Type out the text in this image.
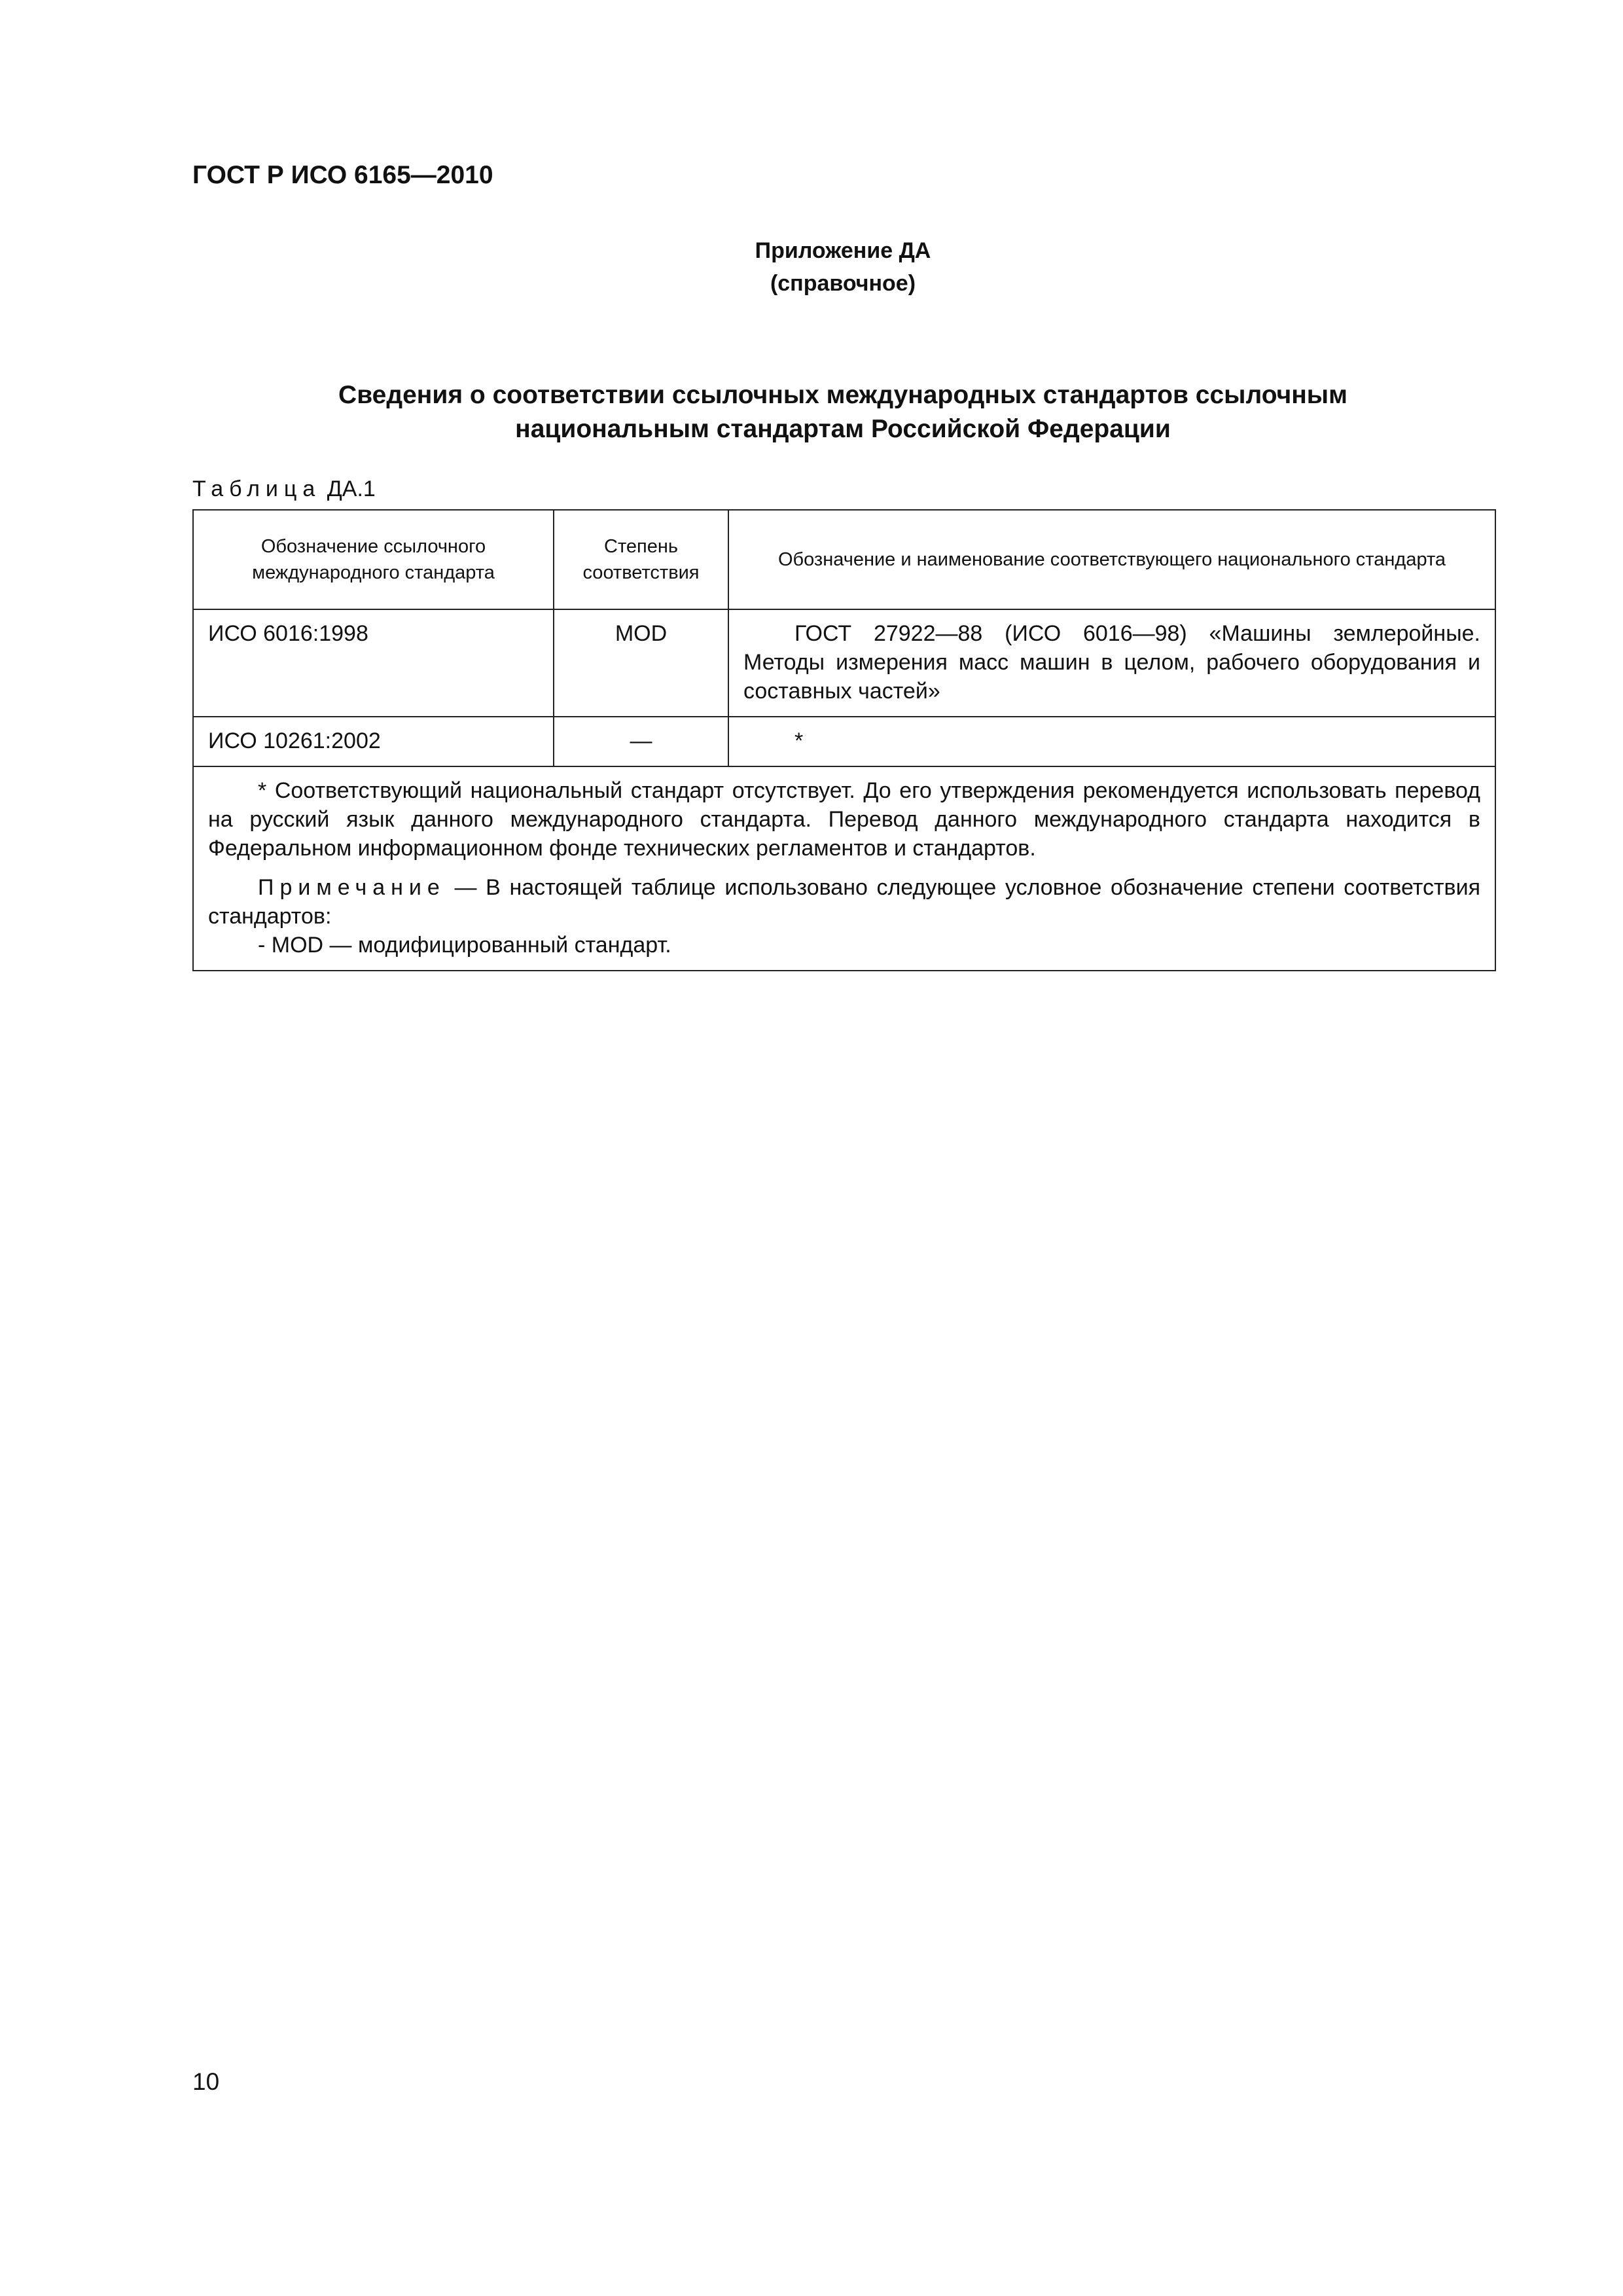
ГОСТ Р ИСО 6165—2010
Приложение ДА
(справочное)
Сведения о соответствии ссылочных международных стандартов ссылочным
национальным стандартам Российской Федерации
Таблица ДА.1
Обозначение ссылочного международного стандарта	Степень соответствия	Обозначение и наименование соответствующего национального стандарта
ИСО 6016:1998	MOD	ГОСТ 27922—88 (ИСО 6016—98) «Машины землеройные. Методы измерения масс машин в целом, рабочего оборудования и составных частей»
ИСО 10261:2002	—	*

* Соответствующий национальный стандарт отсутствует. До его утверждения рекомендуется использовать перевод на русский язык данного международного стандарта. Перевод данного международного стандарта находится в Федеральном информационном фонде технических регламентов и стандартов.

Примечание — В настоящей таблице использовано следующее условное обозначение степени соответствия стандартов:

- MOD — модифицированный стандарт.		
10
